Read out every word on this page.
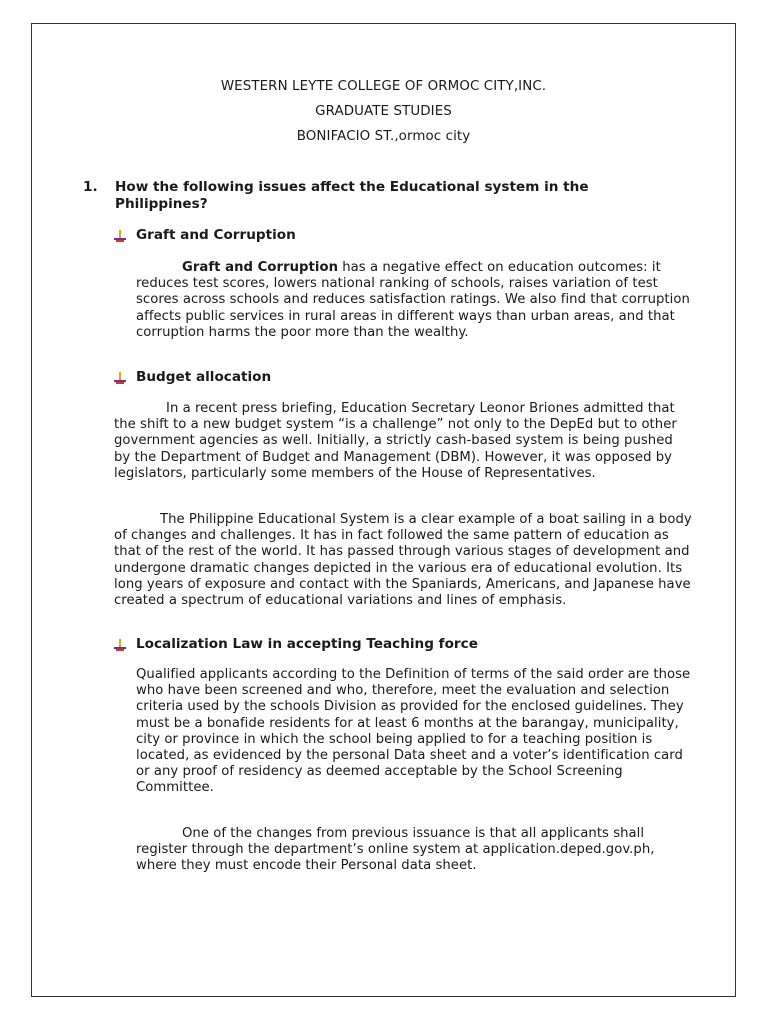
WESTERN LEYTE COLLEGE OF ORMOC CITY,INC.
GRADUATE STUDIES
BONIFACIO ST.,ormoc city
1.	How the following issues affect the Educational system in the Philippines?
Graft and Corruption

Graft and Corruption has a negative effect on education outcomes: it reduces test scores, lowers national ranking of schools, raises variation of test scores across schools and reduces satisfaction ratings. We also find that corruption affects public services in rural areas in different ways than urban areas, and that corruption harms the poor more than the wealthy.

Budget allocation

In a recent press briefing, Education Secretary Leonor Briones admitted that the shift to a new budget system “is a challenge” not only to the DepEd but to other government agencies as well. Initially, a strictly cash-based system is being pushed by the Department of Budget and Management (DBM). However, it was opposed by legislators, particularly some members of the House of Representatives.

The Philippine Educational System is a clear example of a boat sailing in a body of changes and challenges. It has in fact followed the same pattern of education as that of the rest of the world. It has passed through various stages of development and undergone dramatic changes depicted in the various era of educational evolution. Its long years of exposure and contact with the Spaniards, Americans, and Japanese have created a spectrum of educational variations and lines of emphasis.

Localization Law in accepting Teaching force

Qualified applicants according to the Definition of terms of the said order are those who have been screened and who, therefore, meet the evaluation and selection criteria used by the schools Division as provided for the enclosed guidelines. They must be a bonafide residents for at least 6 months at the barangay, municipality, city or province in which the school being applied to for a teaching position is located, as evidenced by the personal Data sheet and a voter’s identification card or any proof of residency as deemed acceptable by the School Screening Committee.

One of the changes from previous issuance is that all applicants shall register through the department’s online system at application.deped.gov.ph, where they must encode their Personal data sheet.
